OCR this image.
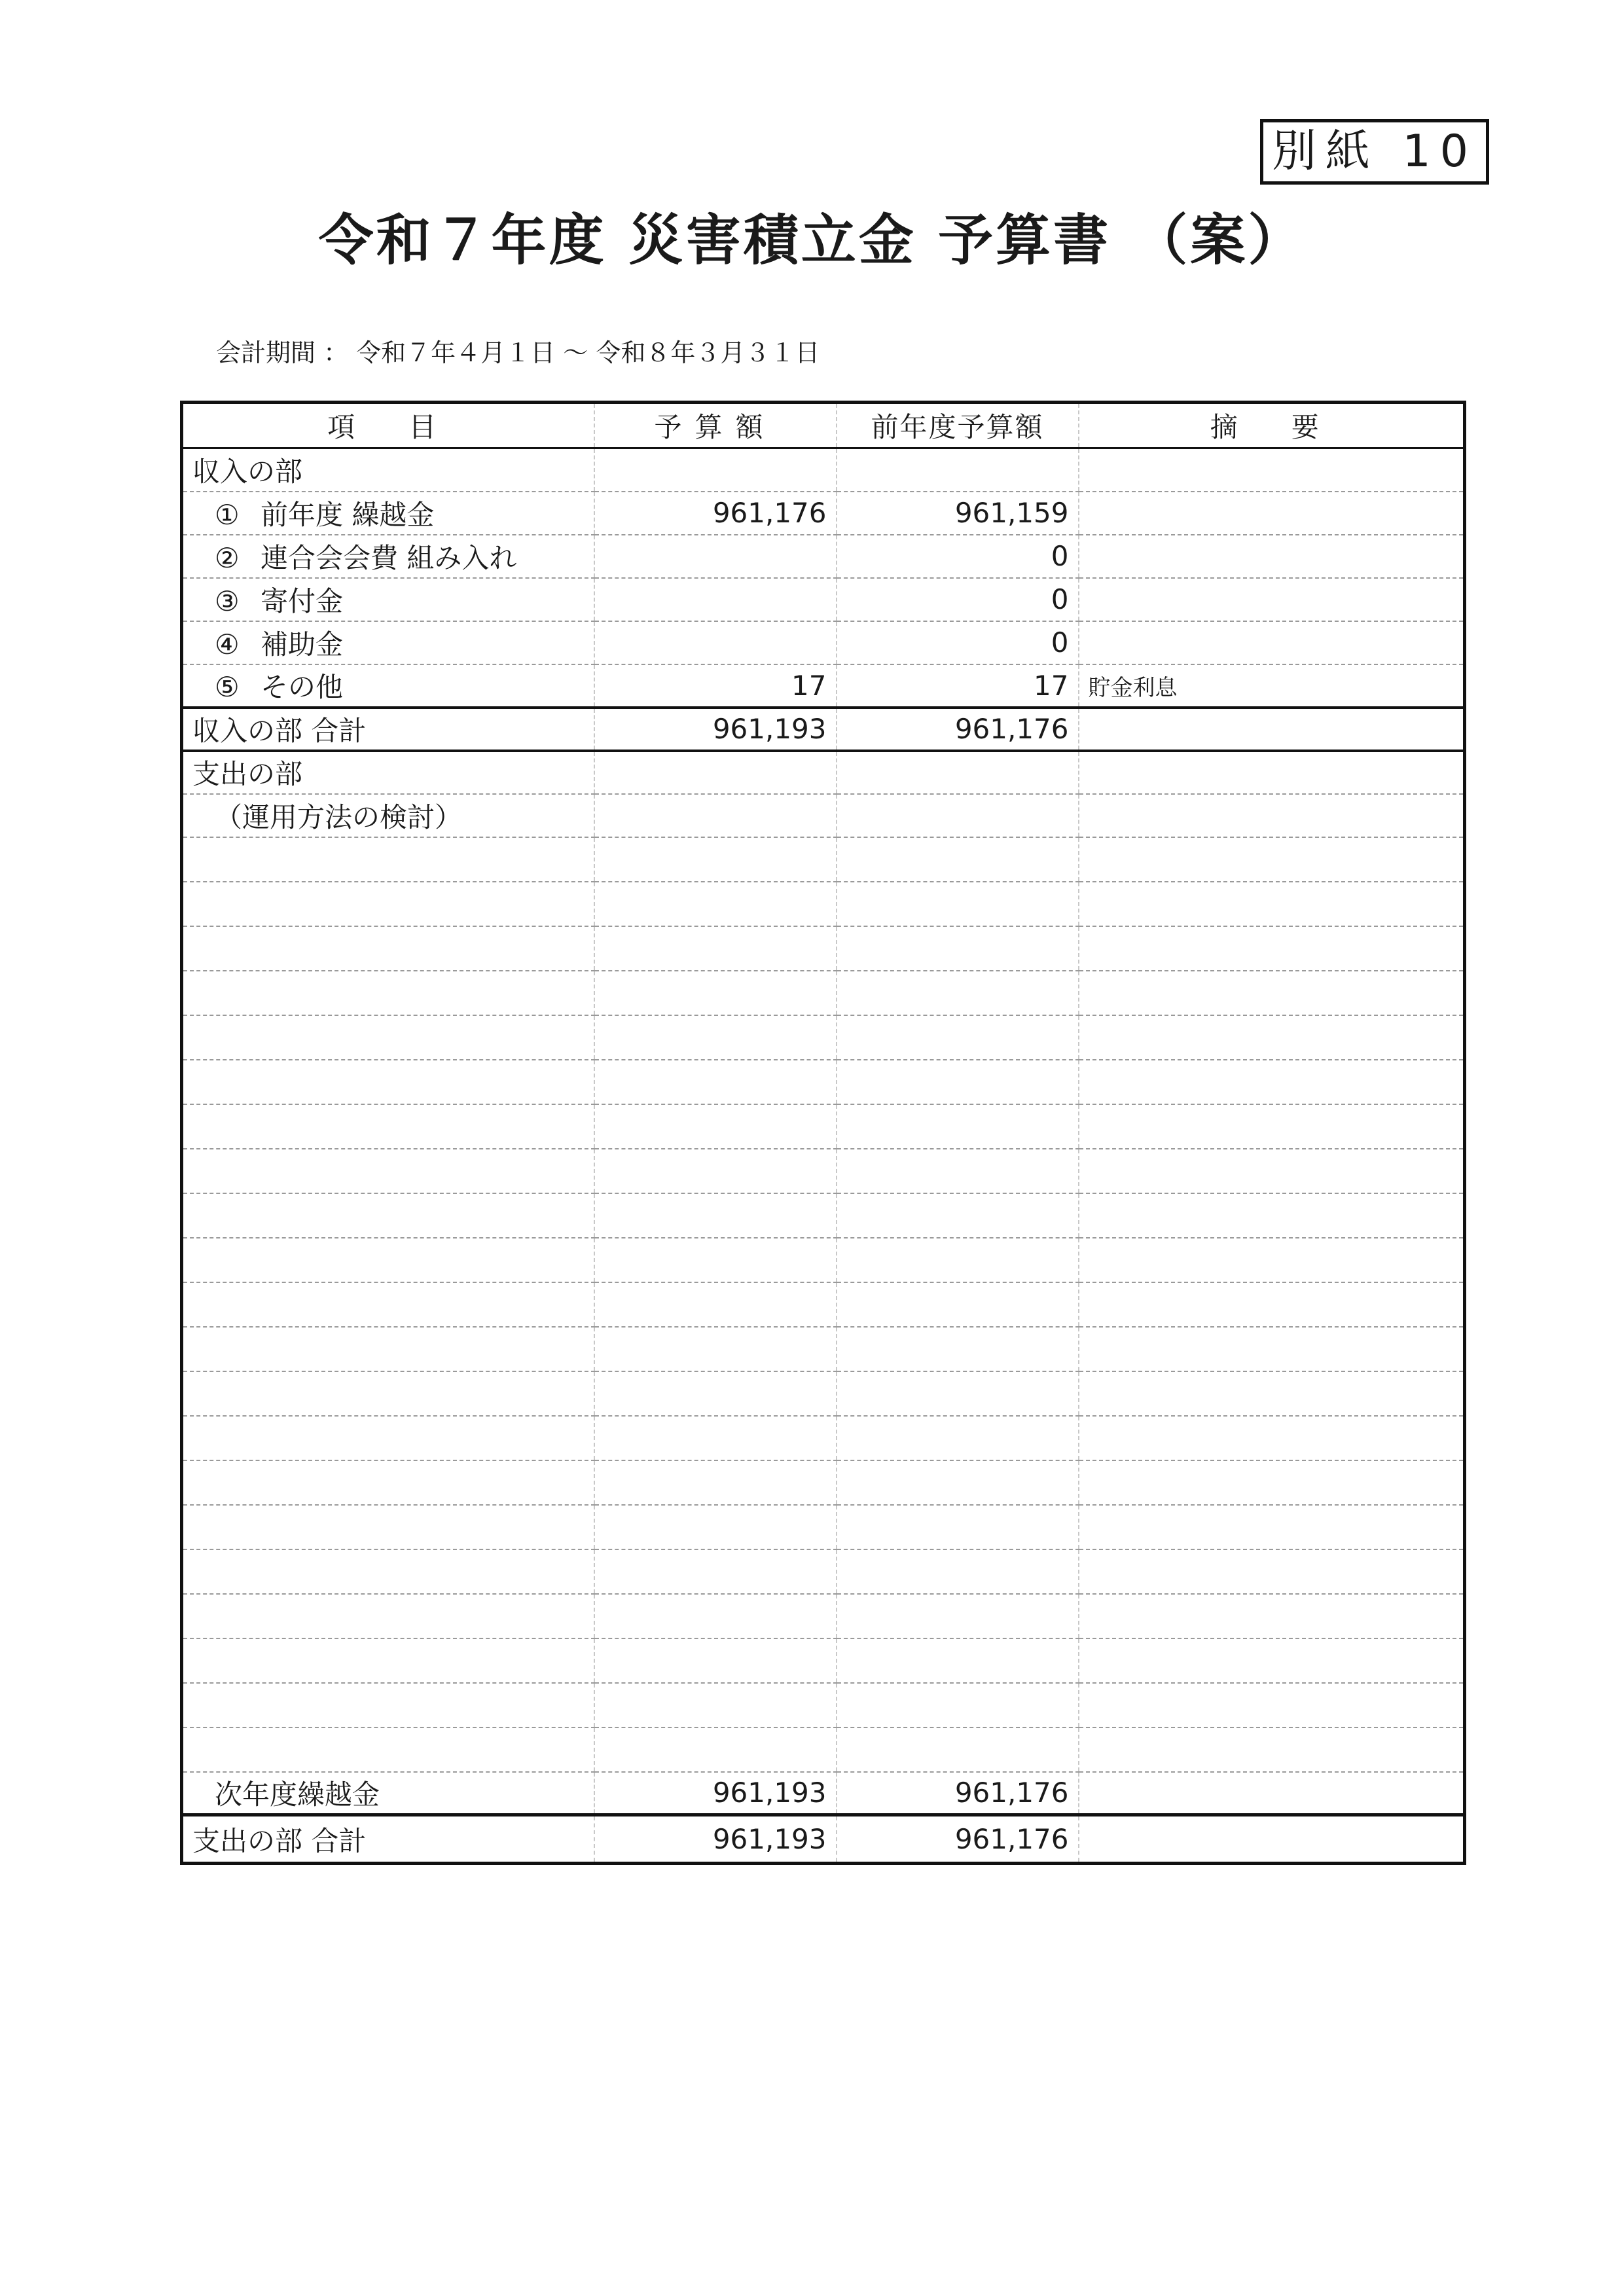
別紙 10
令和７年度 災害積立金 予算書 （案）
会計期間 ： 令和７年４月１日 ～ 令和８年３月３１日
項　目	予算額	前年度予算額	摘　要
収入の部			
① 前年度 繰越金	961,176	961,159	
② 連合会会費 組み入れ		0	
③ 寄付金		0	
④ 補助金		0	
⑤ その他	17	17	貯金利息
収入の部 合計	961,193	961,176	
支出の部			
（運用方法の検討）			

次年度繰越金	961,193	961,176	
支出の部 合計	961,193	961,176	
